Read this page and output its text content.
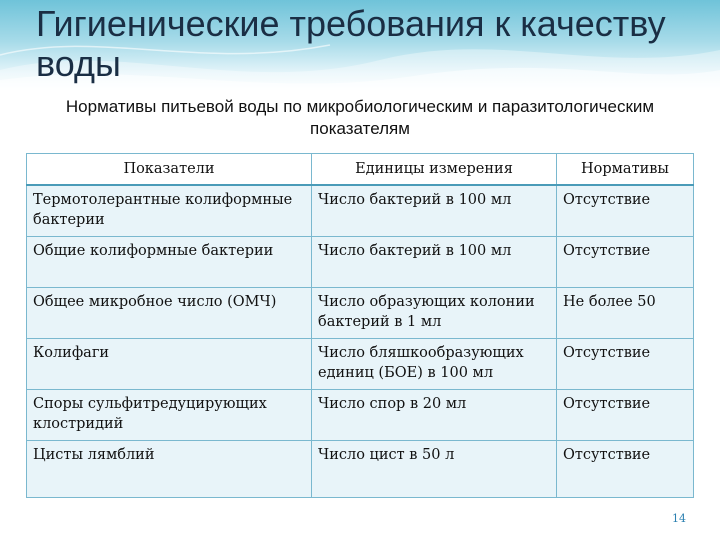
Гигиенические требования к качеству воды
Нормативы питьевой воды по микробиологическим и паразитологическим показателям
Показатели	Единицы измерения	Нормативы
Термотолерантные колиформные бактерии	Число бактерий в 100 мл	Отсутствие
Общие колиформные бактерии	Число бактерий в 100 мл	Отсутствие
Общее микробное число (ОМЧ)	Число образующих колонии бактерий в 1 мл	Не более 50
Колифаги	Число бляшкообразующих единиц (БОЕ) в 100 мл	Отсутствие
Споры сульфитредуцирующих клостридий	Число спор в 20 мл	Отсутствие
Цисты лямблий	Число цист в 50 л	Отсутствие
14
